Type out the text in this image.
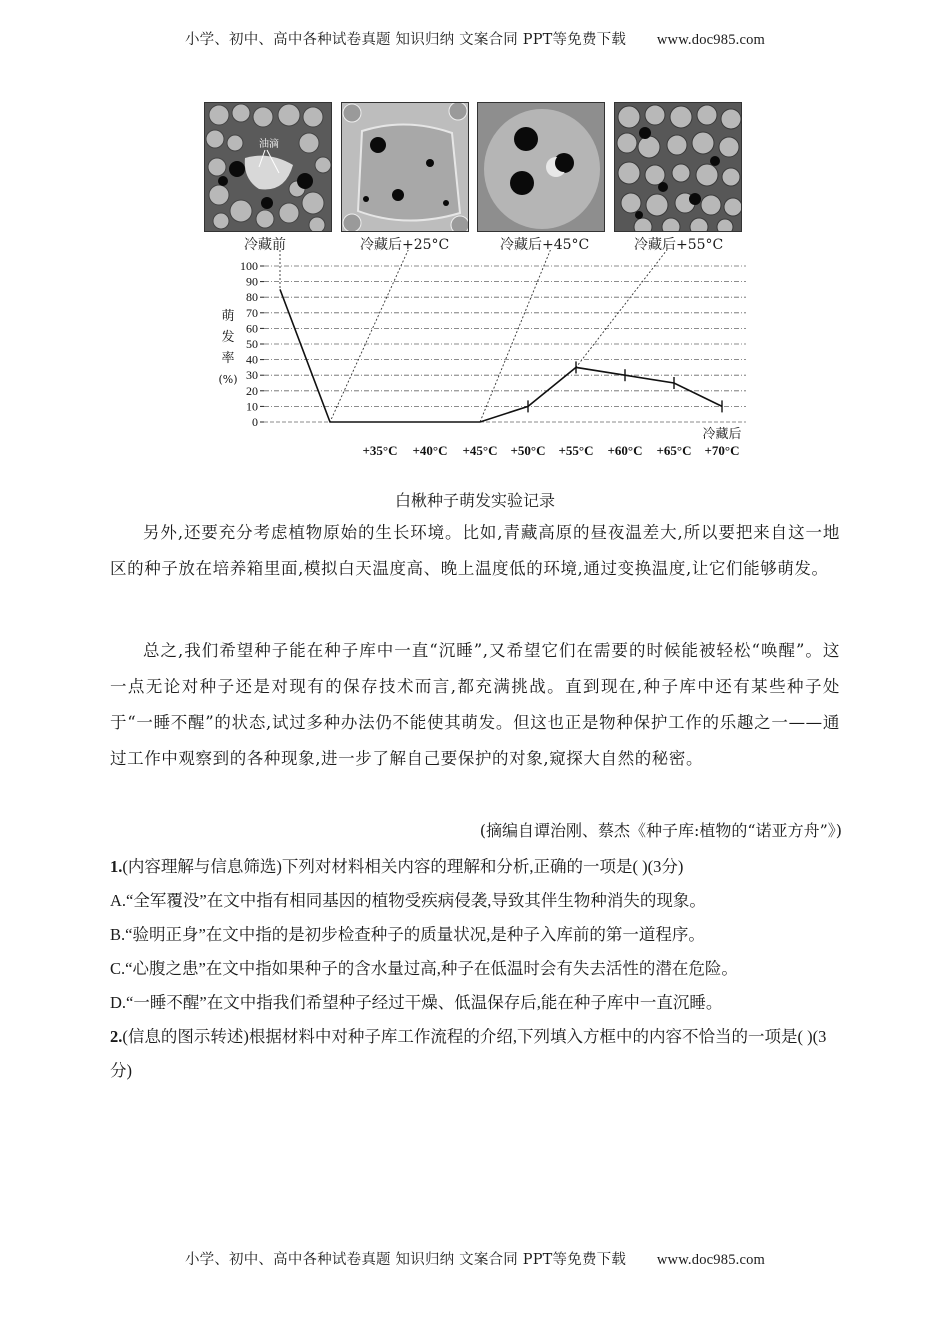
小学、初中、高中各种试卷真题 知识归纳 文案合同 PPT等免费下载 www.doc985.com
油滴
冷藏前	冷藏后+25°C	冷藏后+45°C	冷藏后+55°C
0
10
20
30
40
50
60
70
80
90
100
萌
发
率
(%)
+35°C +40°C +45°C +50°C +55°C +60°C +65°C +70°C
冷藏后
白楸种子萌发实验记录

另外,还要充分考虑植物原始的生长环境。比如,青藏高原的昼夜温差大,所以要把来自这一地区的种子放在培养箱里面,模拟白天温度高、晚上温度低的环境,通过变换温度,让它们能够萌发。

总之,我们希望种子能在种子库中一直“沉睡”,又希望它们在需要的时候能被轻松“唤醒”。这一点无论对种子还是对现有的保存技术而言,都充满挑战。直到现在,种子库中还有某些种子处于“一睡不醒”的状态,试过多种办法仍不能使其萌发。但这也正是物种保护工作的乐趣之一——通过工作中观察到的各种现象,进一步了解自己要保护的对象,窥探大自然的秘密。

(摘编自谭治刚、蔡杰《种子库:植物的“诺亚方舟”》)

1.(内容理解与信息筛选)下列对材料相关内容的理解和分析,正确的一项是( )(3分)

A.“全军覆没”在文中指有相同基因的植物受疾病侵袭,导致其伴生物种消失的现象。

B.“验明正身”在文中指的是初步检查种子的质量状况,是种子入库前的第一道程序。

C.“心腹之患”在文中指如果种子的含水量过高,种子在低温时会有失去活性的潜在危险。

D.“一睡不醒”在文中指我们希望种子经过干燥、低温保存后,能在种子库中一直沉睡。

2.(信息的图示转述)根据材料中对种子库工作流程的介绍,下列填入方框中的内容不恰当的一项是( )(3分)

小学、初中、高中各种试卷真题 知识归纳 文案合同 PPT等免费下载 www.doc985.com
